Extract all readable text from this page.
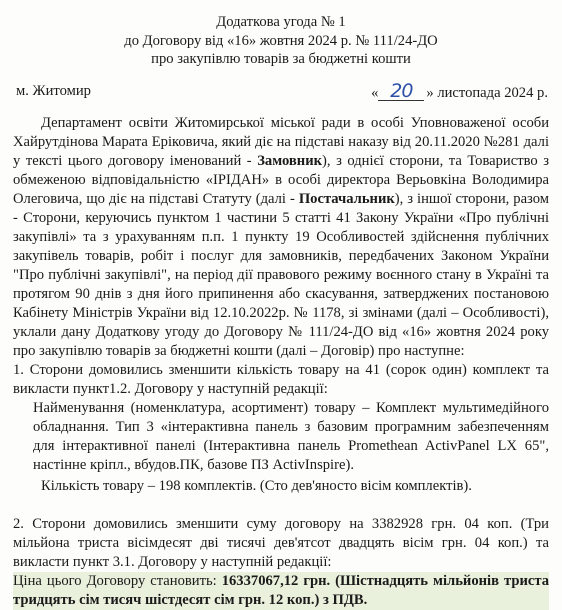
Додаткова угода № 1
до Договору від «16» жовтня 2024 р. № 111/24-ДО
про закупівлю товарів за бюджетні кошти
м. Житомир	« 20 » листопада 2024 р.

Департамент освіти Житомирської міської ради в особі Уповноваженої особи Хайрутдінова Марата Еріковича, який діє на підставі наказу від 20.11.2020 №281 далі у тексті цього договору іменований - Замовник), з однієї сторони, та Товариство з обмеженою відповідальністю «ІРІДАН» в особі директора Верьовкіна Володимира Олеговича, що діє на підставі Статуту (далі - Постачальник), з іншої сторони, разом - Сторони, керуючись пунктом 1 частини 5 статті 41 Закону України «Про публічні закупівлі» та з урахуванням п.п. 1 пункту 19 Особливостей здійснення публічних закупівель товарів, робіт і послуг для замовників, передбачених Законом України "Про публічні закупівлі", на період дії правового режиму воєнного стану в Україні та протягом 90 днів з дня його припинення або скасування, затверджених постановою Кабінету Міністрів України від 12.10.2022р. № 1178, зі змінами (далі – Особливості), уклали дану Додаткову угоду до Договору № 111/24-ДО від «16» жовтня 2024 року про закупівлю товарів за бюджетні кошти (далі – Договір) про наступне:

1. Сторони домовились зменшити кількість товару на 41 (сорок один) комплект та викласти пункт1.2. Договору у наступній редакції:

Найменування (номенклатура, асортимент) товару – Комплект мультимедійного обладнання. Тип 3 «інтерактивна панель з базовим програмним забезпеченням для інтерактивної панелі (Інтерактивна панель Promethean ActivPanel LX 65", настінне кріпл., вбудов.ПК, базове ПЗ ActivInspire).

Кількість товару – 198 комплектів. (Сто дев'яносто вісім комплектів).

2. Сторони домовились зменшити суму договору на 3382928 грн. 04 коп. (Три мільйона триста вісімдесят дві тисячі дев'ятсот двадцять вісім грн. 04 коп.) та викласти пункт 3.1. Договору у наступній редакції:

Ціна цього Договору становить: 16337067,12 грн. (Шістнадцять мільйонів триста тридцять сім тисяч шістдесят сім грн. 12 коп.) з ПДВ.
